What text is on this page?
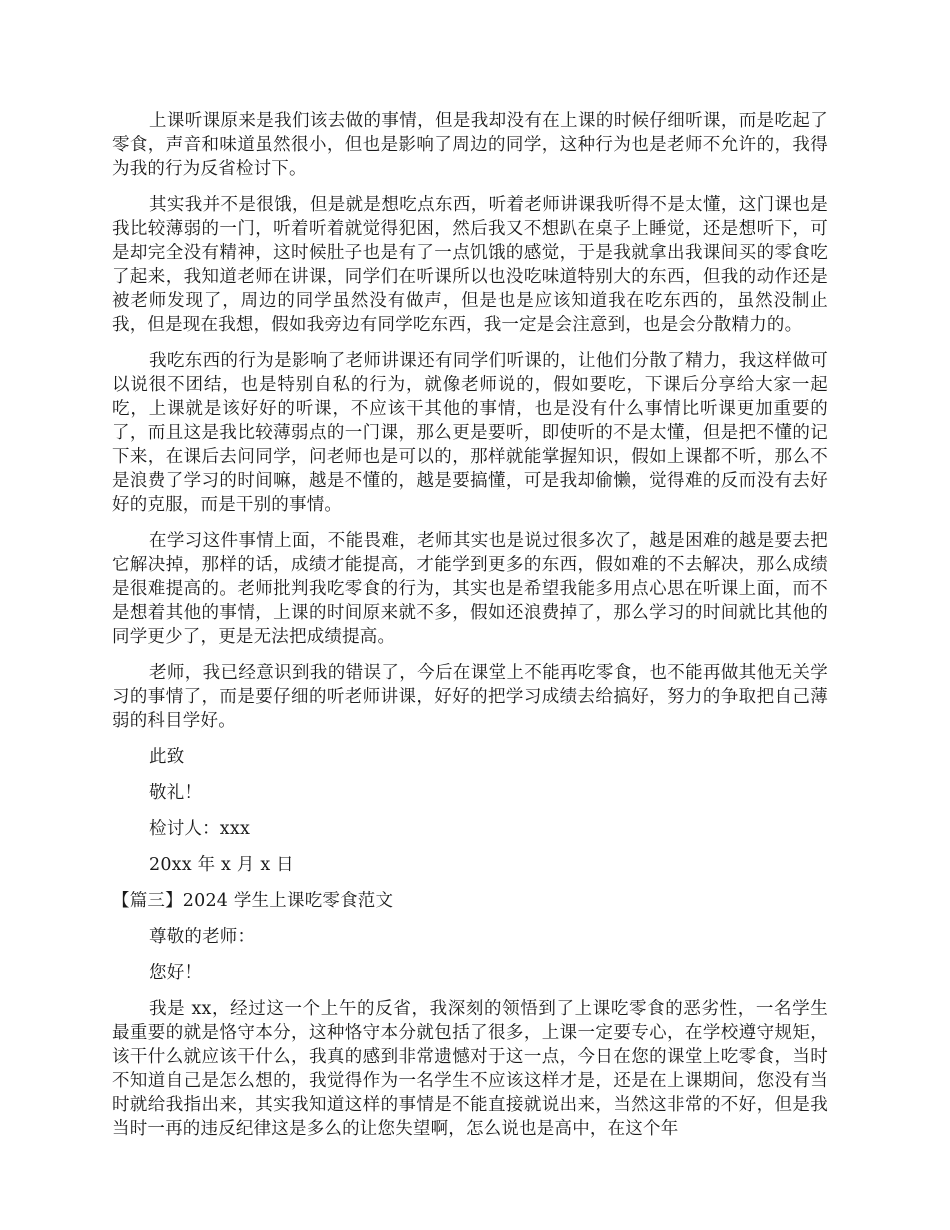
上课听课原来是我们该去做的事情，但是我却没有在上课的时候仔细听课，而是吃起了零食，声音和味道虽然很小，但也是影响了周边的同学，这种行为也是老师不允许的，我得为我的行为反省检讨下。

其实我并不是很饿，但是就是想吃点东西，听着老师讲课我听得不是太懂，这门课也是我比较薄弱的一门，听着听着就觉得犯困，然后我又不想趴在桌子上睡觉，还是想听下，可是却完全没有精神，这时候肚子也是有了一点饥饿的感觉，于是我就拿出我课间买的零食吃了起来，我知道老师在讲课，同学们在听课所以也没吃味道特别大的东西，但我的动作还是被老师发现了，周边的同学虽然没有做声，但是也是应该知道我在吃东西的，虽然没制止我，但是现在我想，假如我旁边有同学吃东西，我一定是会注意到，也是会分散精力的。

我吃东西的行为是影响了老师讲课还有同学们听课的，让他们分散了精力，我这样做可以说很不团结，也是特别自私的行为，就像老师说的，假如要吃，下课后分享给大家一起吃，上课就是该好好的听课，不应该干其他的事情，也是没有什么事情比听课更加重要的了，而且这是我比较薄弱点的一门课，那么更是要听，即使听的不是太懂，但是把不懂的记下来，在课后去问同学，问老师也是可以的，那样就能掌握知识，假如上课都不听，那么不是浪费了学习的时间嘛，越是不懂的，越是要搞懂，可是我却偷懒，觉得难的反而没有去好好的克服，而是干别的事情。

在学习这件事情上面，不能畏难，老师其实也是说过很多次了，越是困难的越是要去把它解决掉，那样的话，成绩才能提高，才能学到更多的东西，假如难的不去解决，那么成绩是很难提高的。老师批判我吃零食的行为，其实也是希望我能多用点心思在听课上面，而不是想着其他的事情，上课的时间原来就不多，假如还浪费掉了，那么学习的时间就比其他的同学更少了，更是无法把成绩提高。

老师，我已经意识到我的错误了，今后在课堂上不能再吃零食，也不能再做其他无关学习的事情了，而是要仔细的听老师讲课，好好的把学习成绩去给搞好，努力的争取把自己薄弱的科目学好。

此致

敬礼！

检讨人：xxx

20xx 年 x 月 x 日

【篇三】2024 学生上课吃零食范文

尊敬的老师：

您好！

我是 xx，经过这一个上午的反省，我深刻的领悟到了上课吃零食的恶劣性，一名学生最重要的就是恪守本分，这种恪守本分就包括了很多，上课一定要专心，在学校遵守规矩，该干什么就应该干什么，我真的感到非常遗憾对于这一点，今日在您的课堂上吃零食，当时不知道自己是怎么想的，我觉得作为一名学生不应该这样才是，还是在上课期间，您没有当时就给我指出来，其实我知道这样的事情是不能直接就说出来，当然这非常的不好，但是我当时一再的违反纪律这是多么的让您失望啊，怎么说也是高中，在这个年
